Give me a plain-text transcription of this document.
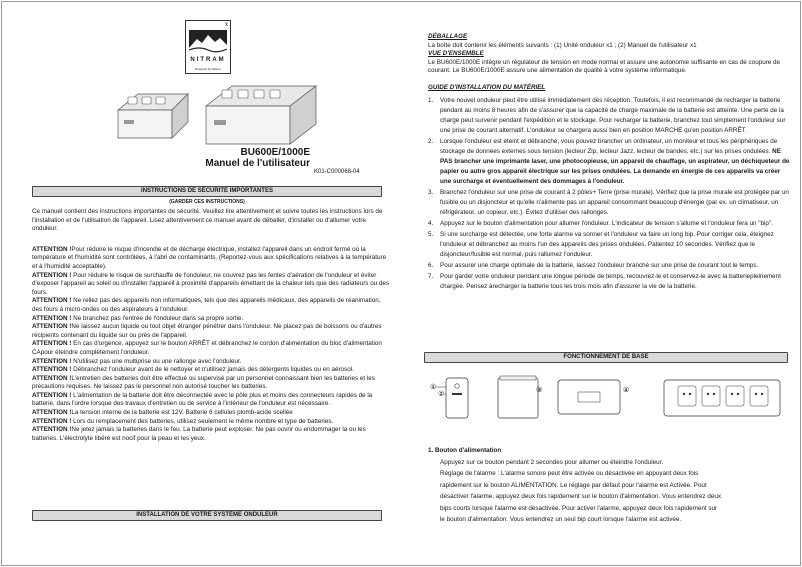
x
NITRAM
Powered by Nature
BU600E/1000E
Manuel de l'utilisateur
K01-C000068-04
INSTRUCTIONS DE SÉCURITÉ IMPORTANTES
(GARDER CES INSTRUCTIONS)

Ce manuel contient des instructions importantes de sécurité. Veuillez lire attentivement et suivre toutes les instructions lors de l'installation et de l'utilisation de l'appareil. Lisez attentivement ce manuel avant de déballer, d'installer ou d'allumer votre onduleur.

ATTENTION !Pour réduire le risque d'incendie et de décharge électrique, installez l'appareil dans un endroit fermé où la température et l'humidité sont contrôlées, à l'abri de contaminants. (Reportez-vous aux spécifications relatives à la température et à l'humidité acceptable).

ATTENTION ! Pour réduire le risque de surchauffe de l'onduleur, ne couvrez pas les fentes d'aération de l'onduleur et éviter d'exposer l'appareil au soleil ou d'installer l'appareil à proximité d'appareils émettant de la chaleur tels que des radiateurs ou des fours.

ATTENTION ! Ne reliez pas des appareils non informatiques, tels que des appareils médicaux, des appareils de réanimation, des fours à micro-ondes ou des aspirateurs à l'onduleur.

ATTENTION ! Ne branchez pas l'entrée de l'onduleur dans sa propre sortie.

ATTENTION !Ne laissez aucun liquide ou tout objet étranger pénétrer dans l'onduleur. Ne placez pas de boissons ou d'autres récipients contenant du liquide sur ou près de l'appareil.

ATTENTION ! En cas d'urgence, appuyez sur le bouton ARRÊT et débranchez le cordon d'alimentation du bloc d'alimentation CApour éteindre complètement l'onduleur.

ATTENTION ! N'utilisez pas une multiprise ou une rallonge avec l'onduleur.

ATTENTION ! Débranchez l'onduleur avant de le nettoyer et n'utilisez jamais des détergents liquides ou en aérosol.

ATTENTION !L'entretien des batteries doit être effectué ou supervisé par un personnel connaissant bien les batteries et les précautions requises. Ne laissez pas le personnel non autorisé toucher les batteries.

ATTENTION ! L'alimentation de la batterie doit être déconnectée avec le pôle plus et moins des connecteurs rapides de la batterie, dans l'ordre lorsque des travaux d'entretien ou de service à l'intérieur de l'onduleur est nécessaire.

ATTENTION !La tension interne de la batterie est 12V. Batterie 6 cellules plomb-acide scellée

ATTENTION ! Lors du remplacement des batteries, utilisez seulement le même nombre et type de batteries.

ATTENTION !Ne jetez jamais la batteries dans le feu. La batterie peut exploser. Ne pas ouvrir ou endommager la ou les batteries. L'électrolyte libéré est nocif pour la peau et les yeux.

INSTALLATION DE VOTRE SYSTÈME ONDULEUR
DÉBALLAGE
La boîte doit contenir les éléments suivants : (1) Unité onduleur x1 ; (2) Manuel de l'utilisateur x1
VUE D'ENSEMBLE
Le BU600E/1000E intègre un régulateur de tension en mode normal et assure une autonomie suffisante en cas de coupure de courant. Le BU600E/1000E assure une alimentation de qualité à votre système informatique.
GUIDE D'INSTALLATION DU MATÉRIEL
1. Votre nouvel onduleur peut être utilisé immédiatement dès réception. Toutefois, il est recommandé de recharger la batterie pendant au moins 8 heures afin de s'assurer que la capacité de charge maximale de la batterie est atteinte. Une perte de la charge peut survenir pendant l'expédition et le stockage. Pour recharger la batterie, branchez tout simplement l'onduleur sur une prise de courant alternatif. L'onduleur se chargera aussi bien en position MARCHE qu'en position ARRÊT.
2. Lorsque l'onduleur est éteint et débranché, vous pouvez brancher un ordinateur, un moniteur et tous les périphériques de stockage de données externes sous tension (lecteur Zip, lecteur Jazz, lecteur de bandes, etc.) sur les prises ondulées. NE PAS brancher une imprimante laser, une photocopieuse, un appareil de chauffage, un aspirateur, un déchiqueteur de papier ou autre gros appareil électrique sur les prises ondulées. La demande en énergie de ces appareils va créer une surcharge et éventuellement des dommages à l'onduleur.
3. Branchez l'onduleur sur une prise de courant à 2 pôles+ Terre (prise murale). Vérifiez que la prise murale est protégée par un fusible ou un disjoncteur et qu'elle n'alimente pas un appareil consommant beaucoup d'énergie (par ex. un climatiseur, un réfrigérateur, un copieur, etc.). Évitez d'utiliser des rallonges.
4. Appuyez sur le bouton d'alimentation pour allumer l'onduleur. L'indicateur de tension s'allume et l'onduleur fera un "bip".
5. Si une surcharge est détectée, une forte alarme va sonner et l'onduleur va faire un long bip. Pour corriger cela, éteignez l'onduleur et débranchez au moins l'un des appareils des prises ondulées. Patientez 10 secondes. Vérifiez que le disjoncteur/fusible est normal, puis rallumez l'onduleur.
6. Pour assurer une charge optimale de la batterie, laissez l'onduleur branché sur une prise de courant tout le temps.
7. Pour garder votre onduleur pendant une longue période de temps, recouvrez-le et conservez-le avec la batterieplelnement chargée. Pensez àrecharger la batterie tous les trois mois afin d'assurer la vie de la batterie.
FONCTIONNEMENT DE BASE
①
②	③	④
1. Bouton d'alimentation
Appuyez sur ce bouton pendant 2 secondes pour allumer ou éteindre l'onduleur.
Réglage de l'alarme : L'alarme sonore peut être activée ou désactivée en appuyant deux fois
rapidement sur le bouton ALIMENTATION. Le réglage par défaut pour l'alarme est Activée. Pour
désactiver l'alarme, appuyez deux fois rapidement sur le bouton d'alimentation. Vous entendrez deux
bips courts lorsque l'alarme est désactivée. Pour activer l'alarme, appuyez deux fois rapidement sur
le bouton d'alimentation. Vous entendrez un seul bip court lorsque l'alarme est activée.
